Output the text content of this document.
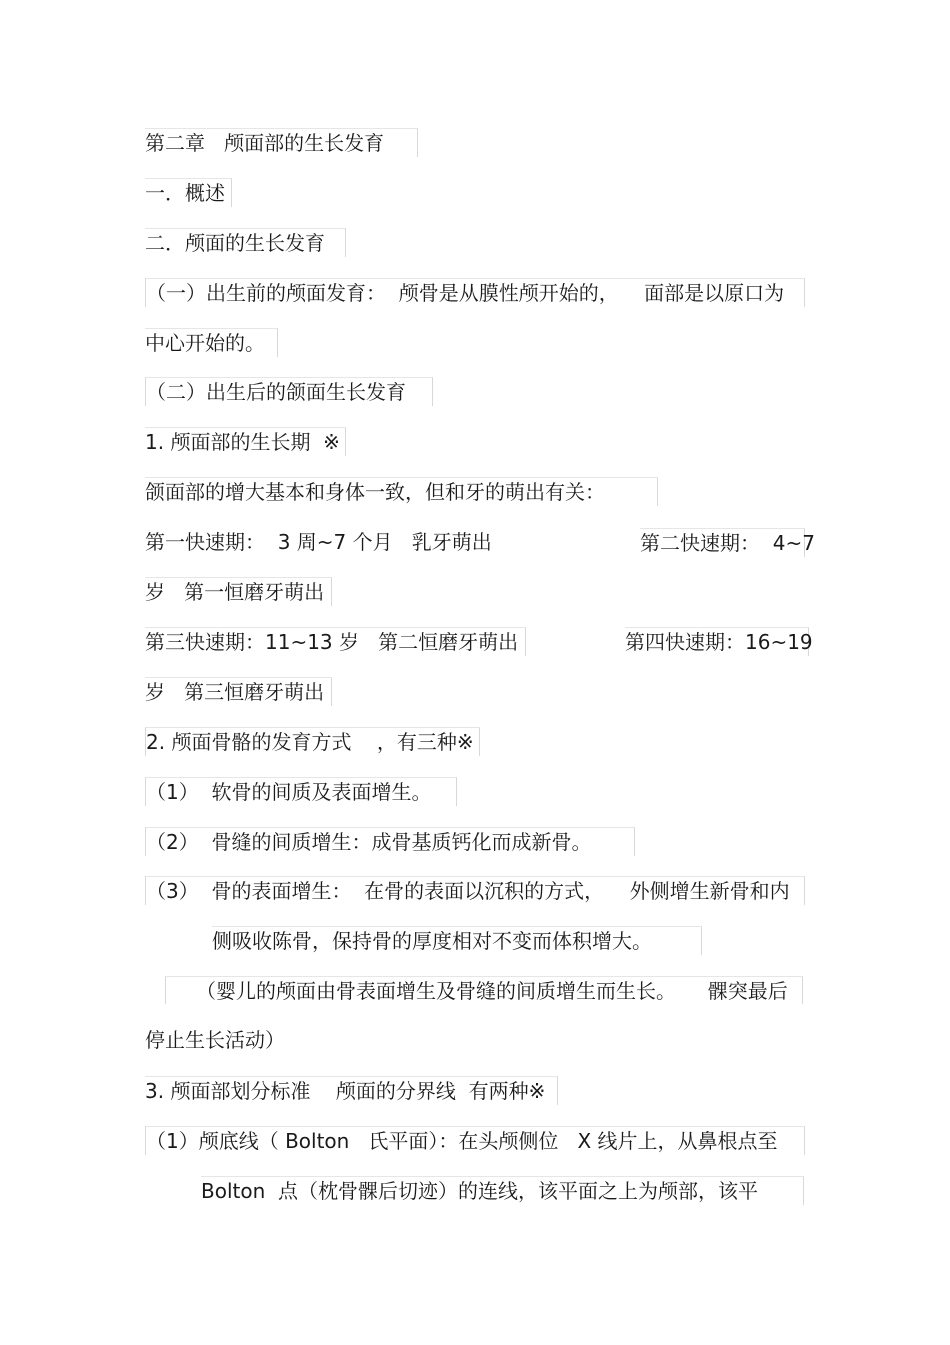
第二章   颅面部的生长发育
一．概述
二．颅面的生长发育
（一）出生前的颅面发育：  颅骨是从膜性颅开始的，    面部是以原口为
中心开始的。
（二）出生后的颌面生长发育
1. 颅面部的生长期  ※
颌面部的增大基本和身体一致，但和牙的萌出有关：
第一快速期：  3 周~7 个月   乳牙萌出	第二快速期：  4~7
岁   第一恒磨牙萌出
第三快速期：11~13 岁   第二恒磨牙萌出	第四快速期：16~19
岁   第三恒磨牙萌出
2. 颅面骨骼的发育方式    ，有三种※
（1）  软骨的间质及表面增生。
（2）  骨缝的间质增生：成骨基质钙化而成新骨。
（3）  骨的表面增生：  在骨的表面以沉积的方式，    外侧增生新骨和内
侧吸收陈骨，保持骨的厚度相对不变而体积增大。
（婴儿的颅面由骨表面增生及骨缝的间质增生而生长。     髁突最后
停止生长活动）
3. 颅面部划分标准    颅面的分界线  有两种※
（1）颅底线（ Bolton   氏平面）：在头颅侧位   X 线片上，从鼻根点至
Bolton  点（枕骨髁后切迹）的连线，该平面之上为颅部，该平
